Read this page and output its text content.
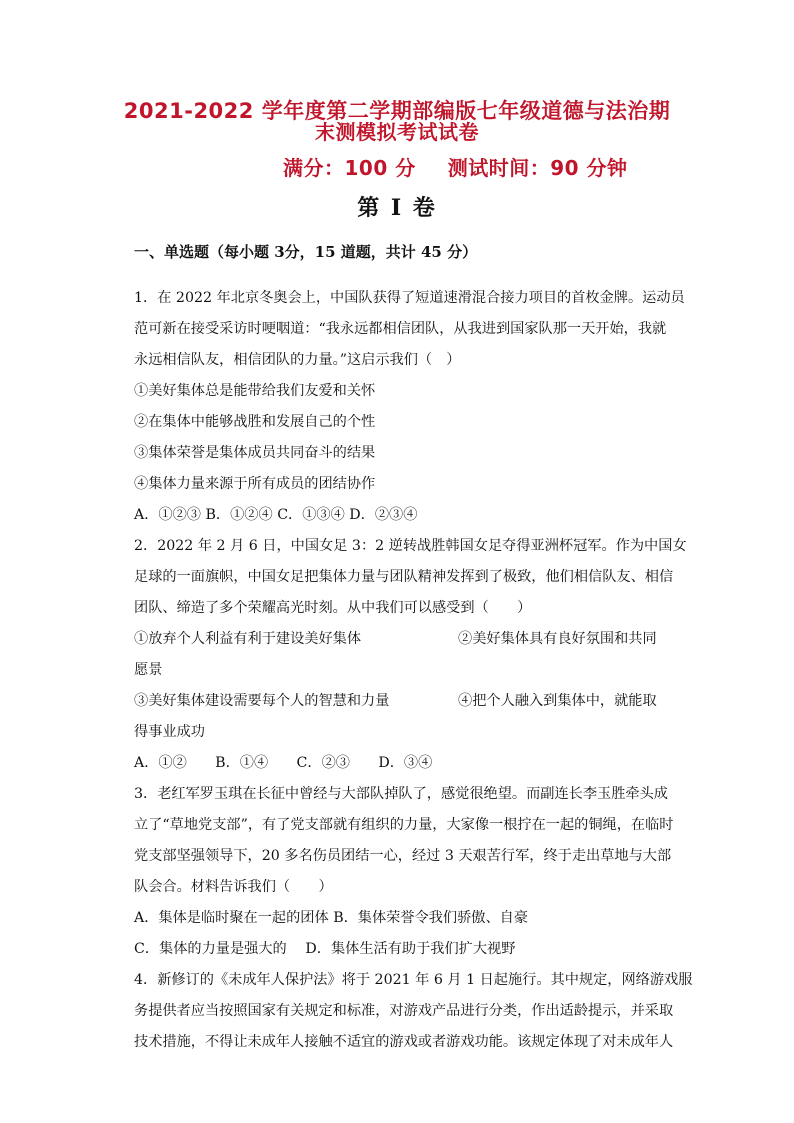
2021-2022 学年度第二学期部编版七年级道德与法治期
末测模拟考试试卷
满分：100 分 测试时间：90 分钟
第 I 卷
一、单选题（每小题 3分，15 道题，共计 45 分）
1．在 2022 年北京冬奥会上，中国队获得了短道速滑混合接力项目的首枚金牌。运动员
范可新在接受采访时哽咽道：“我永远都相信团队，从我进到国家队那一天开始，我就
永远相信队友，相信团队的力量。”这启示我们（　）
①美好集体总是能带给我们友爱和关怀
②在集体中能够战胜和发展自己的个性
③集体荣誉是集体成员共同奋斗的结果
④集体力量来源于所有成员的团结协作
A．①②③ B．①②④ C．①③④ D．②③④
2．2022 年 2 月 6 日，中国女足 3：2 逆转战胜韩国女足夺得亚洲杯冠军。作为中国女
足球的一面旗帜，中国女足把集体力量与团队精神发挥到了极致，他们相信队友、相信
团队、缔造了多个荣耀高光时刻。从中我们可以感受到（　　）
①放弃个人利益有利于建设美好集体	②美好集体具有良好氛围和共同
愿景
③美好集体建设需要每个人的智慧和力量	④把个人融入到集体中，就能取
得事业成功
A．①②　　B．①④　　C．②③　　D．③④
3．老红军罗玉琪在长征中曾经与大部队掉队了，感觉很绝望。而副连长李玉胜牵头成
立了“草地党支部”，有了党支部就有组织的力量，大家像一根拧在一起的铜绳，在临时
党支部坚强领导下，20 多名伤员团结一心，经过 3 天艰苦行军，终于走出草地与大部
队会合。材料告诉我们（　　）
A．集体是临时聚在一起的团体 B．集体荣誉令我们骄傲、自豪
C．集体的力量是强大的　 D．集体生活有助于我们扩大视野
4．新修订的《未成年人保护法》将于 2021 年 6 月 1 日起施行。其中规定，网络游戏服
务提供者应当按照国家有关规定和标准，对游戏产品进行分类，作出适龄提示，并采取
技术措施，不得让未成年人接触不适宜的游戏或者游戏功能。该规定体现了对未成年人
